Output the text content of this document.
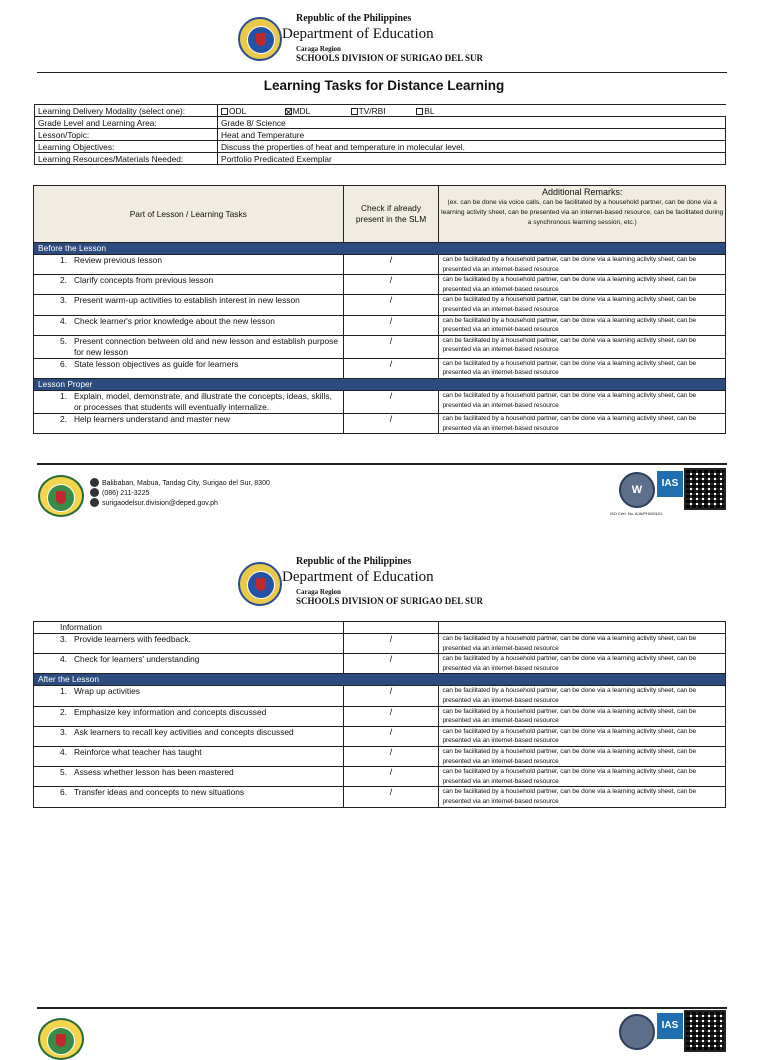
Republic of the Philippines
Department of Education
Caraga Region
SCHOOLS DIVISION OF SURIGAO DEL SUR
Learning Tasks for Distance Learning
Learning Delivery Modality (select one):	ODL MDL TV/RBI BL
Grade Level and Learning Area:	Grade 8/ Science
Lesson/Topic:	Heat and Temperature
Learning Objectives:	Discuss the properties of heat and temperature in molecular level.
Learning Resources/Materials Needed:	Portfolio Predicated Exemplar
Part of Lesson / Learning Tasks	Check if already present in the SLM	Additional Remarks:
(ex. can be done via voice calls, can be facilitated by a household partner, can be done via a learning activity sheet, can be presented via an internet-based resource, can be facilitated during a synchronous learning session, etc.)

Before the Lesson		

1. Review previous lesson	/	can be facilitated by a household partner, can be done via a learning activity sheet, can be presented via an internet-based resource

2. Clarify concepts from previous lesson	/	can be facilitated by a household partner, can be done via a learning activity sheet, can be presented via an internet-based resource

3. Present warm-up activities to establish interest in new lesson	/	can be facilitated by a household partner, can be done via a learning activity sheet, can be presented via an internet-based resource

4. Check learner's prior knowledge about the new lesson	/	can be facilitated by a household partner, can be done via a learning activity sheet, can be presented via an internet-based resource

5. Present connection between old and new lesson and establish purpose for new lesson	/	can be facilitated by a household partner, can be done via a learning activity sheet, can be presented via an internet-based resource

6. State lesson objectives as guide for learners	/	can be facilitated by a household partner, can be done via a learning activity sheet, can be presented via an internet-based resource
Lesson Proper		

1. Explain, model, demonstrate, and illustrate the concepts, ideas, skills, or processes that students will eventually internalize.	/	can be facilitated by a household partner, can be done via a learning activity sheet, can be presented via an internet-based resource

2. Help learners understand and master new	/	can be facilitated by a household partner, can be done via a learning activity sheet, can be presented via an internet-based resource
Balibaban, Mabua, Tandag City, Surigao del Sur, 8300
(086) 211-3225
surigaodelsur.division@deped.gov.ph
W
IAS
ISO Cert. No. AJA/PHI/00101
Republic of the Philippines
Department of Education
Caraga Region
SCHOOLS DIVISION OF SURIGAO DEL SUR
Information		

3. Provide learners with feedback.	/	can be facilitated by a household partner, can be done via a learning activity sheet, can be presented via an internet-based resource

4. Check for learners' understanding	/	can be facilitated by a household partner, can be done via a learning activity sheet, can be presented via an internet-based resource
After the Lesson		

1. Wrap up activities	/	can be facilitated by a household partner, can be done via a learning activity sheet, can be presented via an internet-based resource

2. Emphasize key information and concepts discussed	/	can be facilitated by a household partner, can be done via a learning activity sheet, can be presented via an internet-based resource

3. Ask learners to recall key activities and concepts discussed	/	can be facilitated by a household partner, can be done via a learning activity sheet, can be presented via an internet-based resource

4. Reinforce what teacher has taught	/	can be facilitated by a household partner, can be done via a learning activity sheet, can be presented via an internet-based resource

5. Assess whether lesson has been mastered	/	can be facilitated by a household partner, can be done via a learning activity sheet, can be presented via an internet-based resource

6. Transfer ideas and concepts to new situations	/	can be facilitated by a household partner, can be done via a learning activity sheet, can be presented via an internet-based resource
IAS
